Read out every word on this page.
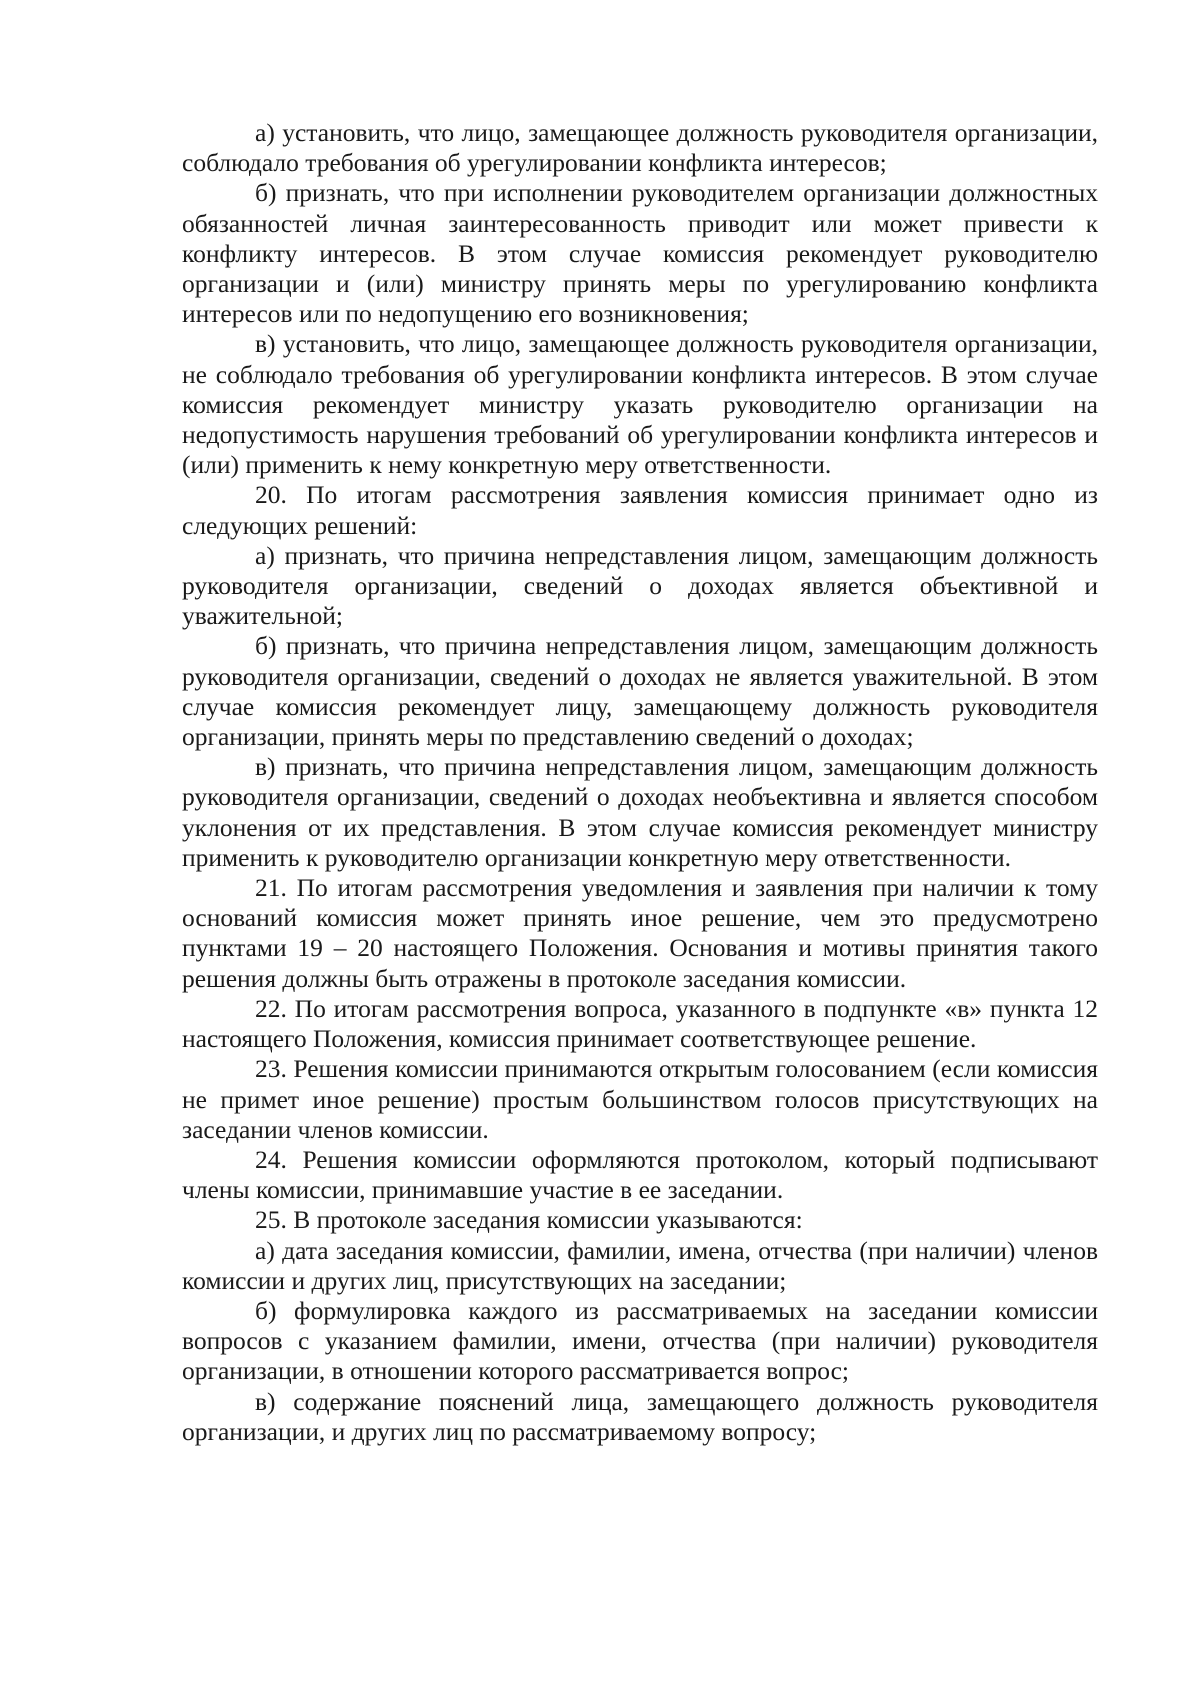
а) установить, что лицо, замещающее должность руководителя организации, соблюдало требования об урегулировании конфликта интересов;

б) признать, что при исполнении руководителем организации должностных обязанностей личная заинтересованность приводит или может привести к конфликту интересов. В этом случае комиссия рекомендует руководителю организации и (или) министру принять меры по урегулированию конфликта интересов или по недопущению его возникновения;

в) установить, что лицо, замещающее должность руководителя организации, не соблюдало требования об урегулировании конфликта интересов. В этом случае комиссия рекомендует министру указать руководителю организации на недопустимость нарушения требований об урегулировании конфликта интересов и (или) применить к нему конкретную меру ответственности.

20. По итогам рассмотрения заявления комиссия принимает одно из следующих решений:

а) признать, что причина непредставления лицом, замещающим должность руководителя организации, сведений о доходах является объективной и уважительной;

б) признать, что причина непредставления лицом, замещающим должность руководителя организации, сведений о доходах не является уважительной. В этом случае комиссия рекомендует лицу, замещающему должность руководителя организации, принять меры по представлению сведений о доходах;

в) признать, что причина непредставления лицом, замещающим должность руководителя организации, сведений о доходах необъективна и является способом уклонения от их представления. В этом случае комиссия рекомендует министру применить к руководителю организации конкретную меру ответственности.

21. По итогам рассмотрения уведомления и заявления при наличии к тому оснований комиссия может принять иное решение, чем это предусмотрено пунктами 19 – 20 настоящего Положения. Основания и мотивы принятия такого решения должны быть отражены в протоколе заседания комиссии.

22. По итогам рассмотрения вопроса, указанного в подпункте «в» пункта 12 настоящего Положения, комиссия принимает соответствующее решение.

23. Решения комиссии принимаются открытым голосованием (если комиссия не примет иное решение) простым большинством голосов присутствующих на заседании членов комиссии.

24. Решения комиссии оформляются протоколом, который подписывают члены комиссии, принимавшие участие в ее заседании.

25. В протоколе заседания комиссии указываются:

а) дата заседания комиссии, фамилии, имена, отчества (при наличии) членов комиссии и других лиц, присутствующих на заседании;

б) формулировка каждого из рассматриваемых на заседании комиссии вопросов с указанием фамилии, имени, отчества (при наличии) руководителя организации, в отношении которого рассматривается вопрос;

в) содержание пояснений лица, замещающего должность руководителя организации, и других лиц по рассматриваемому вопросу;
